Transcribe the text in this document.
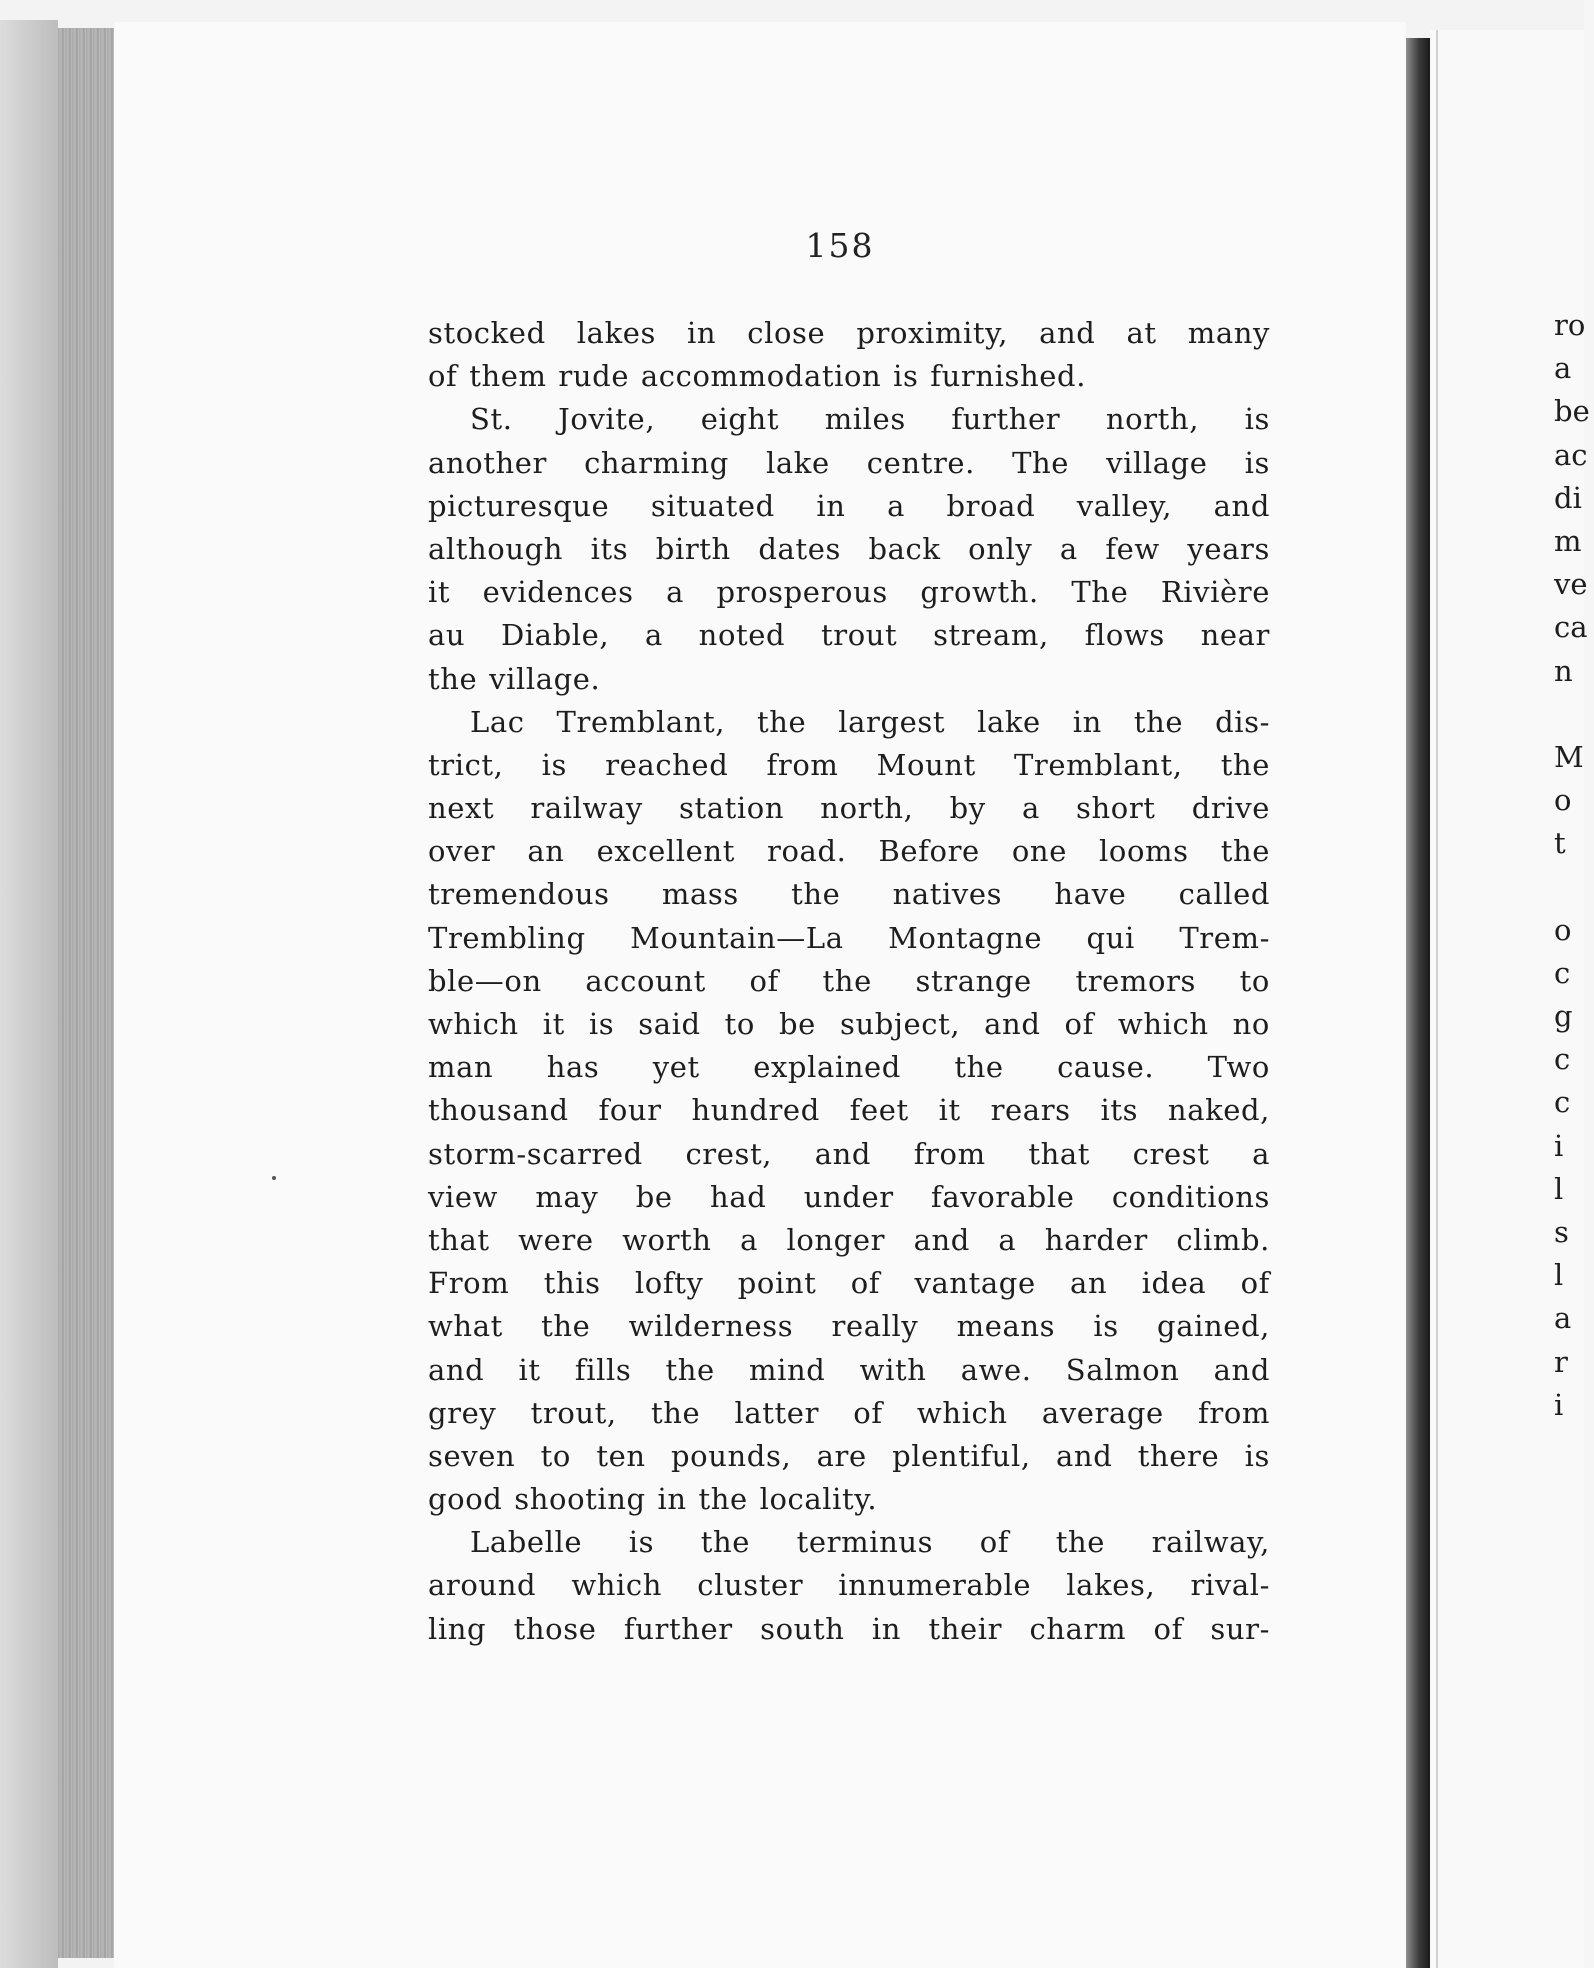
158
stocked lakes in close proximity, and at many
of them rude accommodation is furnished.
St. Jovite, eight miles further north, is
another charming lake centre. The village is
picturesque situated in a broad valley, and
although its birth dates back only a few years
it evidences a prosperous growth. The Rivière
au Diable, a noted trout stream, flows near
the village.
Lac Tremblant, the largest lake in the dis-
trict, is reached from Mount Tremblant, the
next railway station north, by a short drive
over an excellent road. Before one looms the
tremendous mass the natives have called
Trembling Mountain—La Montagne qui Trem-
ble—on account of the strange tremors to
which it is said to be subject, and of which no
man has yet explained the cause. Two
thousand four hundred feet it rears its naked,
storm-scarred crest, and from that crest a
view may be had under favorable conditions
that were worth a longer and a harder climb.
From this lofty point of vantage an idea of
what the wilderness really means is gained,
and it fills the mind with awe. Salmon and
grey trout, the latter of which average from
seven to ten pounds, are plentiful, and there is
good shooting in the locality.
Labelle is the terminus of the railway,
around which cluster innumerable lakes, rival-
ling those further south in their charm of sur-
ro
a
be
ac
di
m
ve
ca
n
M
o
t
o
c
g
c
c
i
l
s
l
a
r
i
